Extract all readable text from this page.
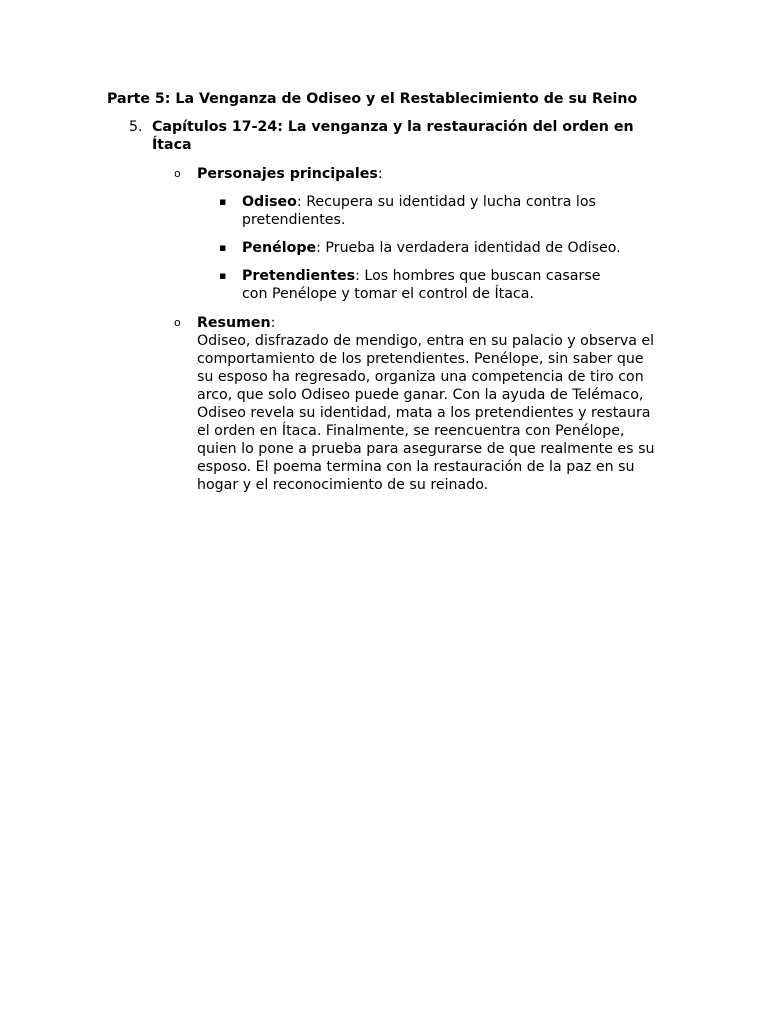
Parte 5: La Venganza de Odiseo y el Restablecimiento de su Reino
5. Capítulos 17-24: La venganza y la restauración del orden en Ítaca
o Personajes principales:
▪ Odiseo: Recupera su identidad y lucha contra los pretendientes.
▪ Penélope: Prueba la verdadera identidad de Odiseo.
▪ Pretendientes: Los hombres que buscan casarse con Penélope y tomar el control de Ítaca.
o Resumen:
Odiseo, disfrazado de mendigo, entra en su palacio y observa el comportamiento de los pretendientes. Penélope, sin saber que su esposo ha regresado, organiza una competencia de tiro con arco, que solo Odiseo puede ganar. Con la ayuda de Telémaco, Odiseo revela su identidad, mata a los pretendientes y restaura el orden en Ítaca. Finalmente, se reencuentra con Penélope, quien lo pone a prueba para asegurarse de que realmente es su esposo. El poema termina con la restauración de la paz en su hogar y el reconocimiento de su reinado.
